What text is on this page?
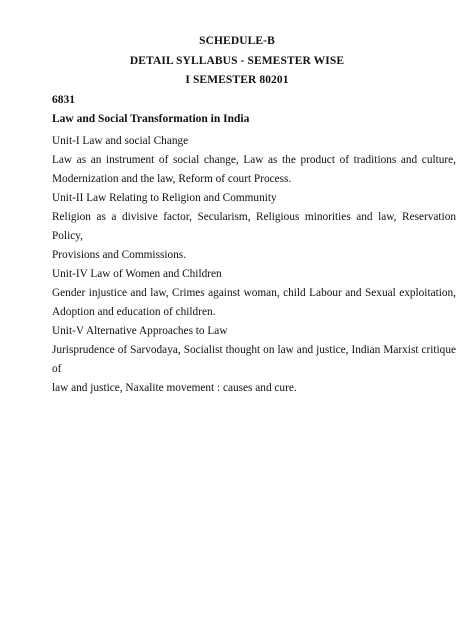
SCHEDULE-B
DETAIL SYLLABUS - SEMESTER WISE
I SEMESTER 80201
6831
Law and Social Transformation in India

Unit-I Law and social Change

Law as an instrument of social change, Law as the product of traditions and culture,
Modernization and the law, Reform of court Process.

Unit-II Law Relating to Religion and Community

Religion as a divisive factor, Secularism, Religious minorities and law, Reservation Policy,
Provisions and Commissions.

Unit-IV Law of Women and Children

Gender injustice and law, Crimes against woman, child Labour and Sexual exploitation,
Adoption and education of children.

Unit-V Alternative Approaches to Law

Jurisprudence of Sarvodaya, Socialist thought on law and justice, Indian Marxist critique of
law and justice, Naxalite movement : causes and cure.
